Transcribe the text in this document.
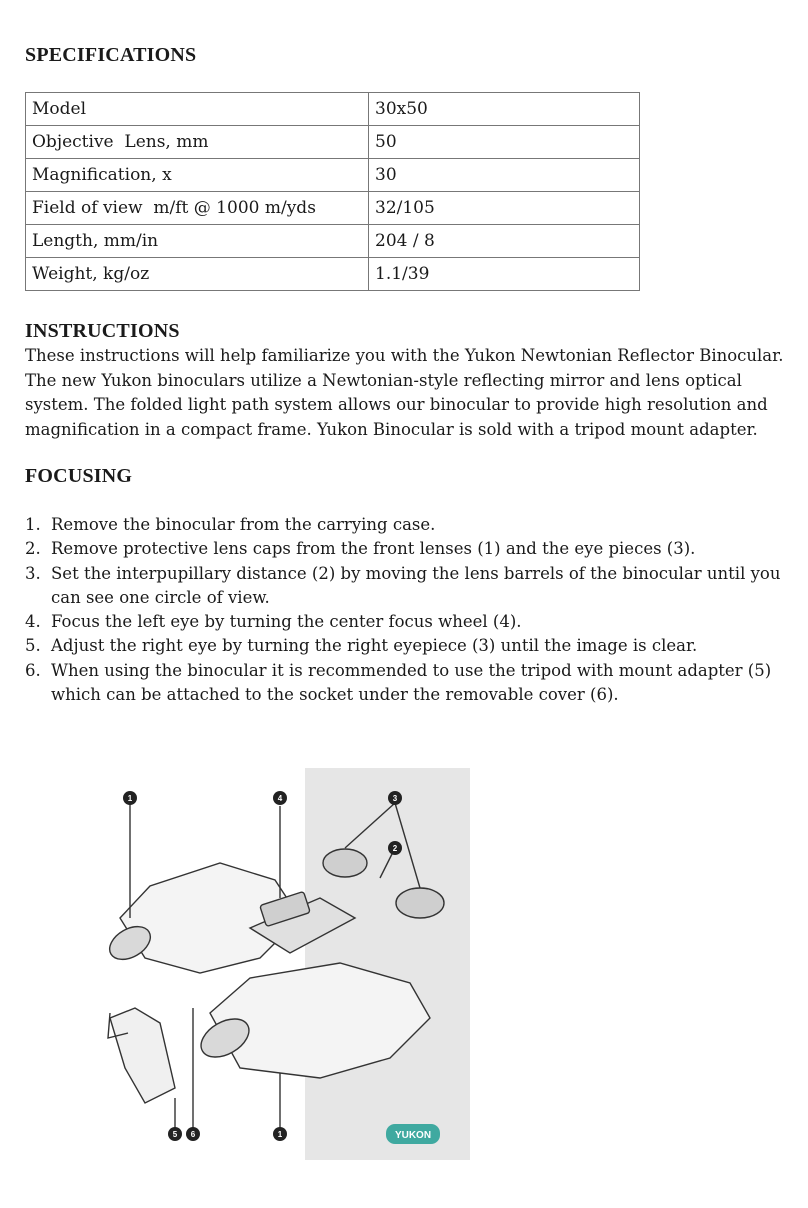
SPECIFICATIONS
Model	30x50
Objective  Lens, mm	50
Magnification, x	30
Field of view  m/ft @ 1000 m/yds	32/105
Length, mm/in	204 / 8
Weight, kg/oz	1.1/39
INSTRUCTIONS
These instructions will help familiarize you with the Yukon Newtonian Reflector Binocular.
The new Yukon binoculars utilize a Newtonian-style reflecting mirror and lens optical
system. The folded light path system allows our binocular to provide high resolution and
magnification in a compact frame. Yukon Binocular is sold with a tripod mount adapter.
FOCUSING
1. Remove the binocular from the carrying case.
2. Remove protective lens caps from the front lenses (1) and the eye pieces (3).
3. Set the interpupillary distance (2) by moving the lens barrels of the binocular until you
can see one circle of view.
4. Focus the left eye by turning the center focus wheel (4).
5. Adjust the right eye by turning the right eyepiece (3) until the image is clear.
6. When using the binocular it is recommended to use the tripod with mount adapter (5)
which can be attached to the socket under the removable cover (6).
1	4	3
2
5 6	1	YUKON
